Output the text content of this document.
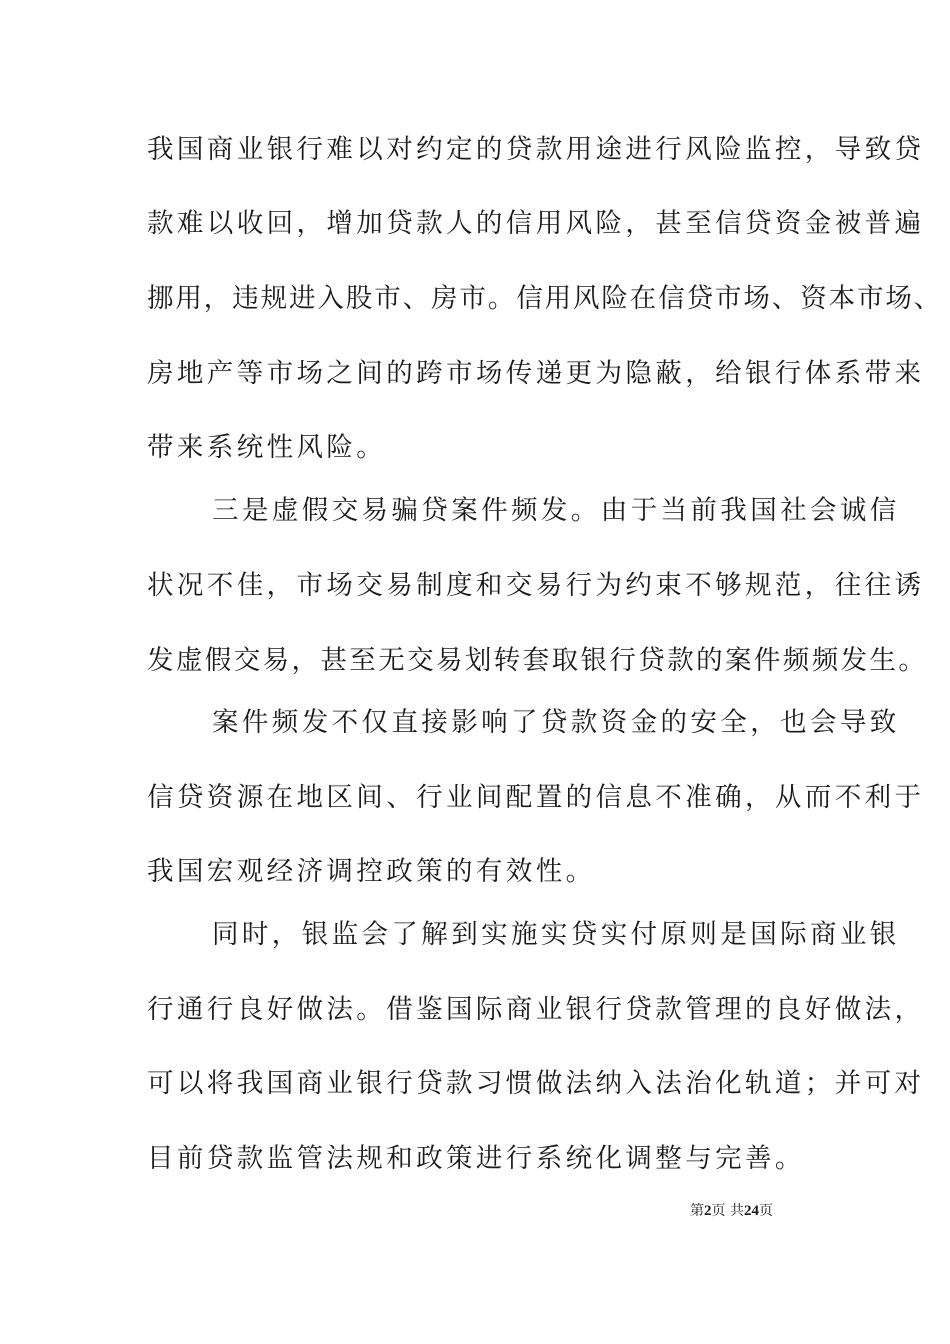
我国商业银行难以对约定的贷款用途进行风险监控，导致贷
款难以收回，增加贷款人的信用风险，甚至信贷资金被普遍
挪用，违规进入股市、房市。信用风险在信贷市场、资本市场、
房地产等市场之间的跨市场传递更为隐蔽，给银行体系带来
带来系统性风险。
三是虚假交易骗贷案件频发。由于当前我国社会诚信
状况不佳，市场交易制度和交易行为约束不够规范，往往诱
发虚假交易，甚至无交易划转套取银行贷款的案件频频发生。
案件频发不仅直接影响了贷款资金的安全，也会导致
信贷资源在地区间、行业间配置的信息不准确，从而不利于
我国宏观经济调控政策的有效性。
同时，银监会了解到实施实贷实付原则是国际商业银
行通行良好做法。借鉴国际商业银行贷款管理的良好做法，
可以将我国商业银行贷款习惯做法纳入法治化轨道；并可对
目前贷款监管法规和政策进行系统化调整与完善。
第2页 共24页
